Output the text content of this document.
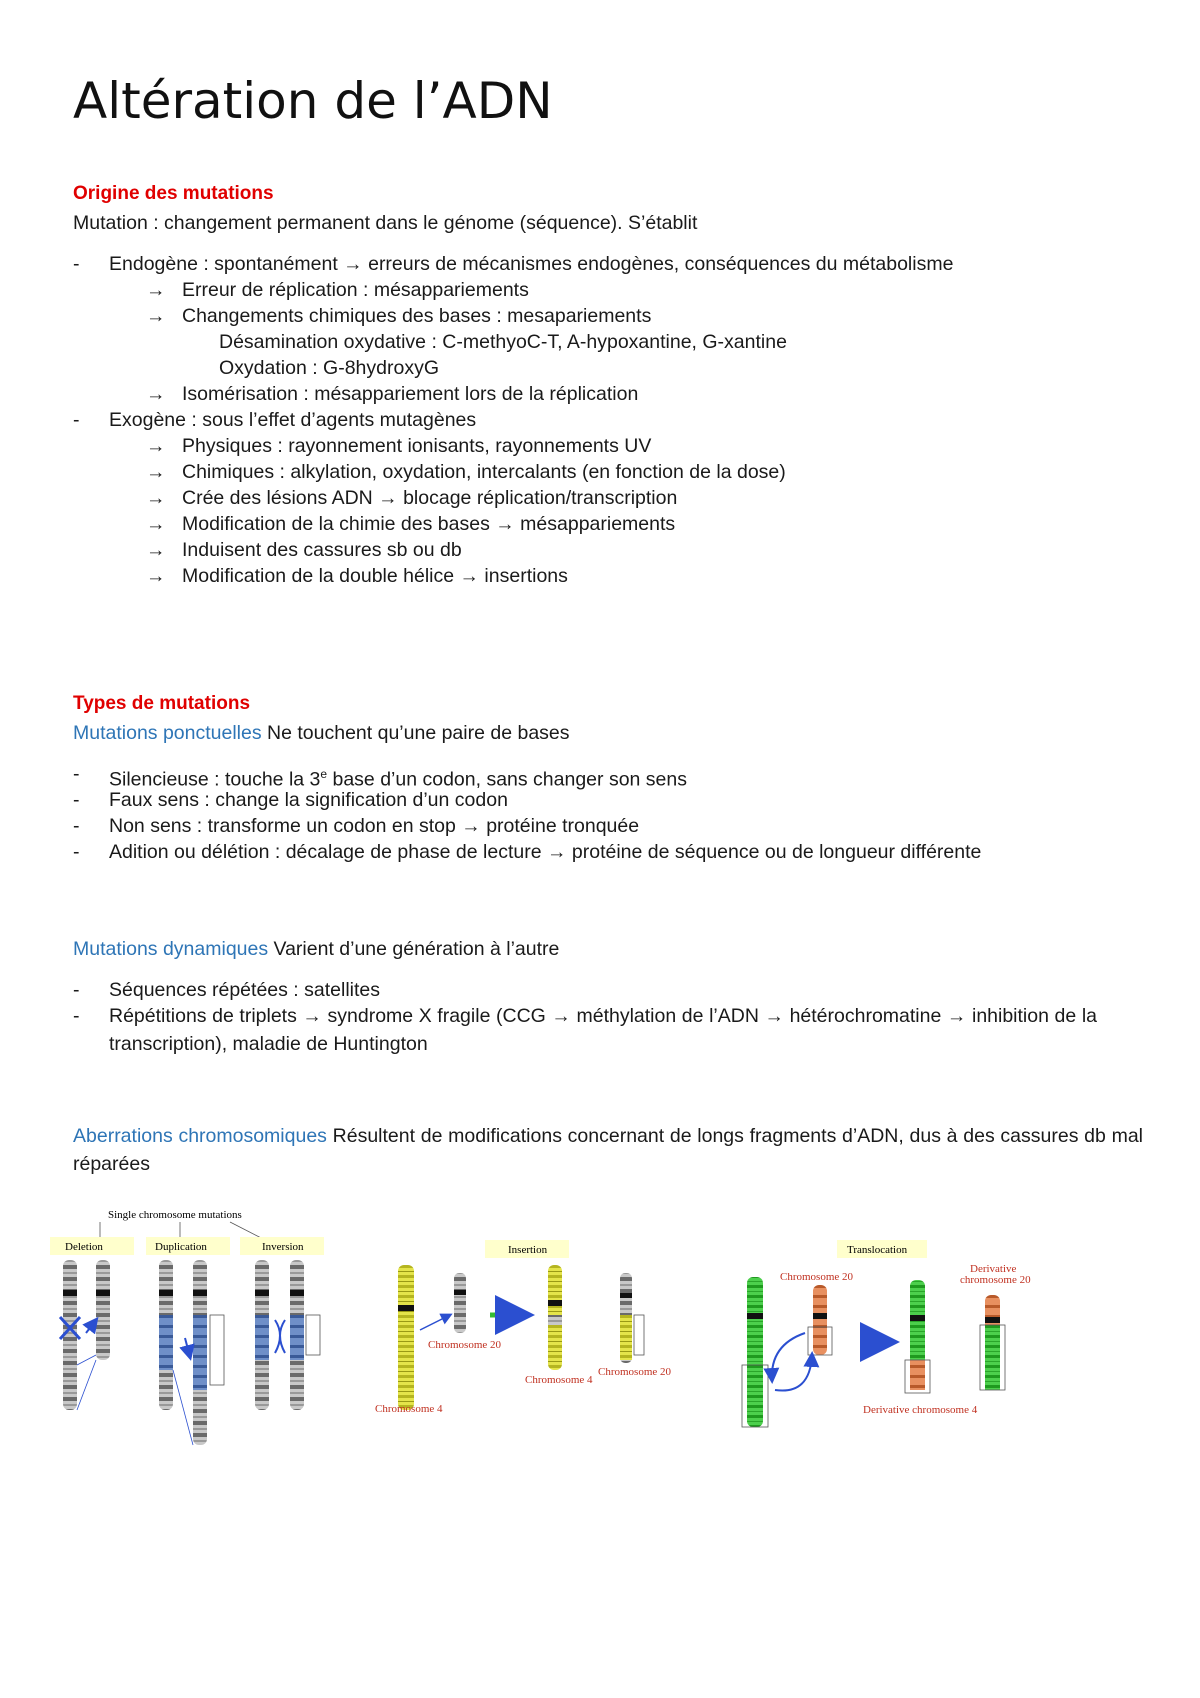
Altération de l’ADN
Origine des mutations
Mutation : changement permanent dans le génome (séquence). S’établit
- Endogène : spontanément → erreurs de mécanismes endogènes, conséquences du métabolisme
→ Erreur de réplication : mésappariements
→ Changements chimiques des bases : mesapariements
Désamination oxydative : C-methyoC-T, A-hypoxantine, G-xantine
Oxydation : G-8hydroxyG
→ Isomérisation : mésappariement lors de la réplication
- Exogène : sous l’effet d’agents mutagènes
→ Physiques : rayonnement ionisants, rayonnements UV
→ Chimiques : alkylation, oxydation, intercalants (en fonction de la dose)
→ Crée des lésions ADN → blocage réplication/transcription
→ Modification de la chimie des bases → mésappariements
→ Induisent des cassures sb ou db
→ Modification de la double hélice → insertions
Types de mutations
Mutations ponctuelles Ne touchent qu’une paire de bases
- Silencieuse : touche la 3e base d’un codon, sans changer son sens
- Faux sens : change la signification d’un codon
- Non sens : transforme un codon en stop → protéine tronquée
- Adition ou délétion : décalage de phase de lecture → protéine de séquence ou de longueur différente
Mutations dynamiques Varient d’une génération à l’autre
- Séquences répétées : satellites
- Répétitions de triplets → syndrome X fragile (CCG → méthylation de l’ADN → hétérochromatine → inhibition de la transcription), maladie de Huntington
Aberrations chromosomiques Résultent de modifications concernant de longs fragments d’ADN, dus à des cassures db mal réparées
Single chromosome mutations
Deletion	Duplication	Inversion	Insertion
Chromosome 20
Chromosome 4
Chromosome 4
Chromosome 20
Translocation
Chromosome 20
Derivative
chromosome 20
Derivative chromosome 4
